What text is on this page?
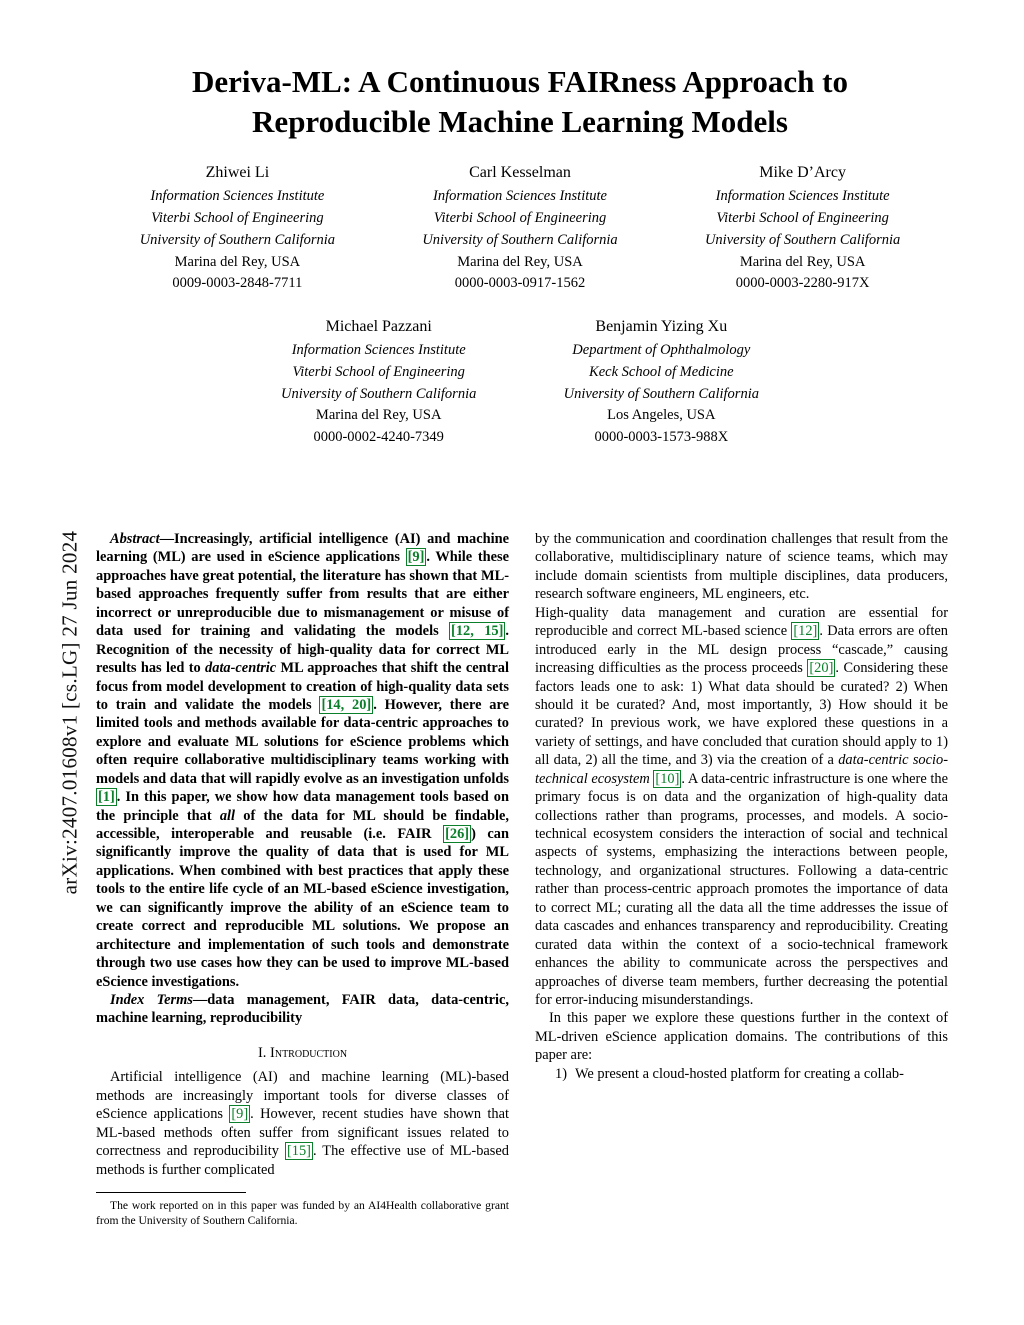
arXiv:2407.01608v1 [cs.LG] 27 Jun 2024
Deriva-ML: A Continuous FAIRness Approach to Reproducible Machine Learning Models
Zhiwei Li
Information Sciences Institute
Viterbi School of Engineering
University of Southern California
Marina del Rey, USA
0009-0003-2848-7711
Carl Kesselman
Information Sciences Institute
Viterbi School of Engineering
University of Southern California
Marina del Rey, USA
0000-0003-0917-1562
Mike D’Arcy
Information Sciences Institute
Viterbi School of Engineering
University of Southern California
Marina del Rey, USA
0000-0003-2280-917X
Michael Pazzani
Information Sciences Institute
Viterbi School of Engineering
University of Southern California
Marina del Rey, USA
0000-0002-4240-7349
Benjamin Yizing Xu
Department of Ophthalmology
Keck School of Medicine
University of Southern California
Los Angeles, USA
0000-0003-1573-988X

Abstract—Increasingly, artificial intelligence (AI) and machine learning (ML) are used in eScience applications [9] . While these approaches have great potential, the literature has shown that ML-based approaches frequently suffer from results that are either incorrect or unreproducible due to mismanagement or misuse of data used for training and validating the models [12, 15] . Recognition of the necessity of high-quality data for correct ML results has led to data-centric ML approaches that shift the central focus from model development to creation of high-quality data sets to train and validate the models [14, 20] . However, there are limited tools and methods available for data-centric approaches to explore and evaluate ML solutions for eScience problems which often require collaborative multidisciplinary teams working with models and data that will rapidly evolve as an investigation unfolds [1] . In this paper, we show how data management tools based on the principle that all of the data for ML should be findable, accessible, interoperable and reusable (i.e. FAIR [26] ) can significantly improve the quality of data that is used for ML applications. When combined with best practices that apply these tools to the entire life cycle of an ML-based eScience investigation, we can significantly improve the ability of an eScience team to create correct and reproducible ML solutions. We propose an architecture and implementation of such tools and demonstrate through two use cases how they can be used to improve ML-based eScience investigations.

Index Terms—data management, FAIR data, data-centric, machine learning, reproducibility

I. Introduction

Artificial intelligence (AI) and machine learning (ML)-based methods are increasingly important tools for diverse classes of eScience applications [9] . However, recent studies have shown that ML-based methods often suffer from significant issues related to correctness and reproducibility [15] . The effective use of ML-based methods is further complicated

by the communication and coordination challenges that result from the collaborative, multidisciplinary nature of science teams, which may include domain scientists from multiple disciplines, data producers, research software engineers, ML engineers, etc.

High-quality data management and curation are essential for reproducible and correct ML-based science [12] . Data errors are often introduced early in the ML design process “cascade,” causing increasing difficulties as the process proceeds [20] . Considering these factors leads one to ask: 1) What data should be curated? 2) When should it be curated? And, most importantly, 3) How should it be curated? In previous work, we have explored these questions in a variety of settings, and have concluded that curation should apply to 1) all data, 2) all the time, and 3) via the creation of a data-centric socio-technical ecosystem [10] . A data-centric infrastructure is one where the primary focus is on data and the organization of high-quality data collections rather than programs, processes, and models. A socio-technical ecosystem considers the interaction of social and technical aspects of systems, emphasizing the interactions between people, technology, and organizational structures. Following a data-centric rather than process-centric approach promotes the importance of data to correct ML; curating all the data all the time addresses the issue of data cascades and enhances transparency and reproducibility. Creating curated data within the context of a socio-technical framework enhances the ability to communicate across the perspectives and approaches of diverse team members, further decreasing the potential for error-inducing misunderstandings.

In this paper we explore these questions further in the context of ML-driven eScience application domains. The contributions of this paper are:

1) We present a cloud-hosted platform for creating a collab-

The work reported on in this paper was funded by an AI4Health collaborative grant from the University of Southern California.
